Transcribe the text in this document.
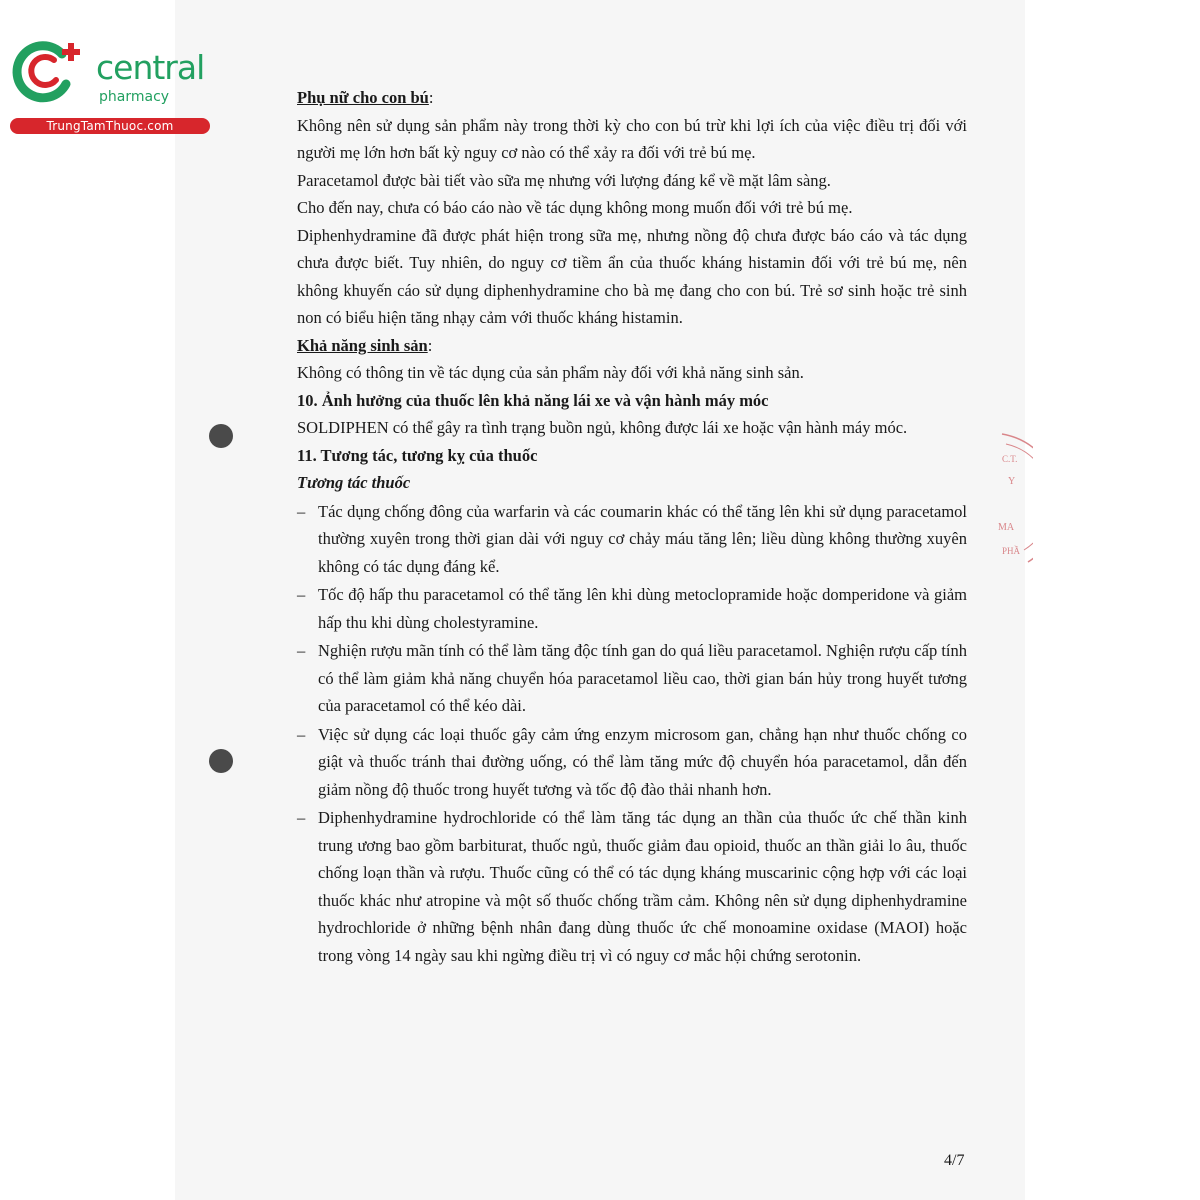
central
pharmacy
TrungTamThuoc.com
C.T.
Y
MA
PHẦ

Phụ nữ cho con bú:

Không nên sử dụng sản phẩm này trong thời kỳ cho con bú trừ khi lợi ích của việc điều trị đối với người mẹ lớn hơn bất kỳ nguy cơ nào có thể xảy ra đối với trẻ bú mẹ.

Paracetamol được bài tiết vào sữa mẹ nhưng với lượng đáng kể về mặt lâm sàng.

Cho đến nay, chưa có báo cáo nào về tác dụng không mong muốn đối với trẻ bú mẹ.

Diphenhydramine đã được phát hiện trong sữa mẹ, nhưng nồng độ chưa được báo cáo và tác dụng chưa được biết. Tuy nhiên, do nguy cơ tiềm ẩn của thuốc kháng histamin đối với trẻ bú mẹ, nên không khuyến cáo sử dụng diphenhydramine cho bà mẹ đang cho con bú. Trẻ sơ sinh hoặc trẻ sinh non có biểu hiện tăng nhạy cảm với thuốc kháng histamin.

Khả năng sinh sản:

Không có thông tin về tác dụng của sản phẩm này đối với khả năng sinh sản.

10. Ảnh hưởng của thuốc lên khả năng lái xe và vận hành máy móc

SOLDIPHEN có thể gây ra tình trạng buồn ngủ, không được lái xe hoặc vận hành máy móc.

11. Tương tác, tương kỵ của thuốc

Tương tác thuốc

– Tác dụng chống đông của warfarin và các coumarin khác có thể tăng lên khi sử dụng paracetamol thường xuyên trong thời gian dài với nguy cơ chảy máu tăng lên; liều dùng không thường xuyên không có tác dụng đáng kể.
– Tốc độ hấp thu paracetamol có thể tăng lên khi dùng metoclopramide hoặc domperidone và giảm hấp thu khi dùng cholestyramine.
– Nghiện rượu mãn tính có thể làm tăng độc tính gan do quá liều paracetamol. Nghiện rượu cấp tính có thể làm giảm khả năng chuyển hóa paracetamol liều cao, thời gian bán hủy trong huyết tương của paracetamol có thể kéo dài.
– Việc sử dụng các loại thuốc gây cảm ứng enzym microsom gan, chẳng hạn như thuốc chống co giật và thuốc tránh thai đường uống, có thể làm tăng mức độ chuyển hóa paracetamol, dẫn đến giảm nồng độ thuốc trong huyết tương và tốc độ đào thải nhanh hơn.
– Diphenhydramine hydrochloride có thể làm tăng tác dụng an thần của thuốc ức chế thần kinh trung ương bao gồm barbiturat, thuốc ngủ, thuốc giảm đau opioid, thuốc an thần giải lo âu, thuốc chống loạn thần và rượu. Thuốc cũng có thể có tác dụng kháng muscarinic cộng hợp với các loại thuốc khác như atropine và một số thuốc chống trầm cảm. Không nên sử dụng diphenhydramine hydrochloride ở những bệnh nhân đang dùng thuốc ức chế monoamine oxidase (MAOI) hoặc trong vòng 14 ngày sau khi ngừng điều trị vì có nguy cơ mắc hội chứng serotonin.
4/7
